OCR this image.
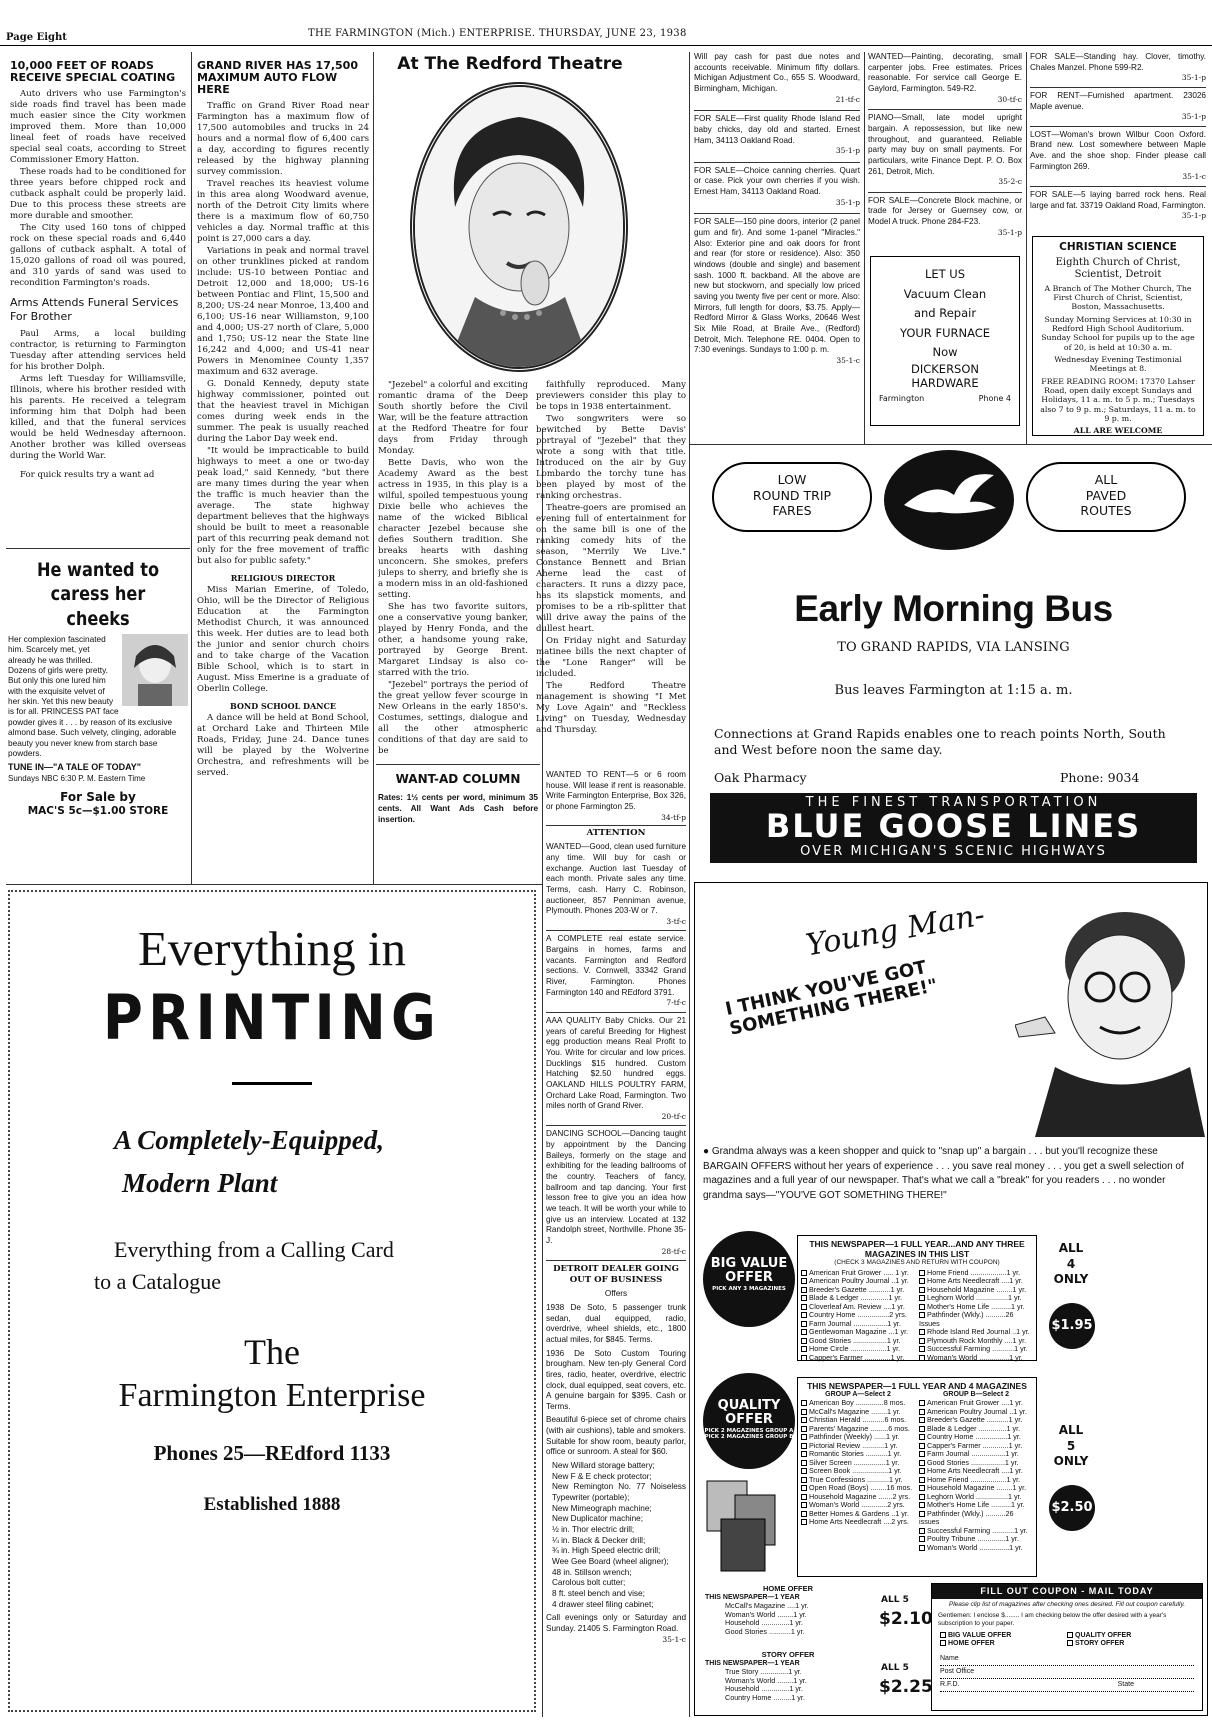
Page Eight	THE FARMINGTON (Mich.) ENTERPRISE. THURSDAY, JUNE 23, 1938
10,000 FEET OF ROADS RECEIVE SPECIAL COATING

Auto drivers who use Farmington's side roads find travel has been made much easier since the City workmen improved them. More than 10,000 lineal feet of roads have received special seal coats, according to Street Commissioner Emory Hatton.

These roads had to be conditioned for three years before chipped rock and cutback asphalt could be properly laid. Due to this process these streets are more durable and smoother.

The City used 160 tons of chipped rock on these special roads and 6,440 gallons of cutback asphalt. A total of 15,020 gallons of road oil was poured, and 310 yards of sand was used to recondition Farmington's roads.

Arms Attends Funeral Services For Brother

Paul Arms, a local building contractor, is returning to Farmington Tuesday after attending services held for his brother Dolph.

Arms left Tuesday for Williamsville, Illinois, where his brother resided with his parents. He received a telegram informing him that Dolph had been killed, and that the funeral services would be held Wednesday afternoon. Another brother was killed overseas during the World War.

For quick results try a want ad

He wanted to
caress her cheeks
Her complexion fascinated him. Scarcely met, yet already he was thrilled. Dozens of girls were pretty. But only this one lured him with the exquisite velvet of her skin. Yet this new beauty is for all. PRINCESS PAT face powder gives it . . . by reason of its exclusive almond base. Such velvety, clinging, adorable beauty you never knew from starch base powders.
TUNE IN—"A TALE OF TODAY"
Sundays NBC 6:30 P. M. Eastern Time
For Sale by
MAC'S 5c—$1.00 STORE
GRAND RIVER HAS 17,500 MAXIMUM AUTO FLOW HERE

Traffic on Grand River Road near Farmington has a maximum flow of 17,500 automobiles and trucks in 24 hours and a normal flow of 6,400 cars a day, according to figures recently released by the highway planning survey commission.

Travel reaches its heaviest volume in this area along Woodward avenue, north of the Detroit City limits where there is a maximum flow of 60,750 vehicles a day. Normal traffic at this point is 27,000 cars a day.

Variations in peak and normal travel on other trunklines picked at random include: US-10 between Pontiac and Detroit 12,000 and 18,000; US-16 between Pontiac and Flint, 15,500 and 8,200; US-24 near Monroe, 13,400 and 6,100; US-16 near Williamston, 9,100 and 4,000; US-27 north of Clare, 5,000 and 1,750; US-12 near the State line 16,242 and 4,000; and US-41 near Powers in Menominee County 1,357 maximum and 632 average.

G. Donald Kennedy, deputy state highway commissioner, pointed out that the heaviest travel in Michigan comes during week ends in the summer. The peak is usually reached during the Labor Day week end.

"It would be impracticable to build highways to meet a one or two-day peak load," said Kennedy, "but there are many times during the year when the traffic is much heavier than the average. The state highway department believes that the highways should be built to meet a reasonable part of this recurring peak demand not only for the free movement of traffic but also for public safety."

RELIGIOUS DIRECTOR

Miss Marian Emerine, of Toledo, Ohio, will be the Director of Religious Education at the Farmington Methodist Church, it was announced this week. Her duties are to lead both the junior and senior church choirs and to take charge of the Vacation Bible School, which is to start in August. Miss Emerine is a graduate of Oberlin College.

BOND SCHOOL DANCE

A dance will be held at Bond School, at Orchard Lake and Thirteen Mile Roads, Friday, June 24. Dance tunes will be played by the Wolverine Orchestra, and refreshments will be served.

At The Redford Theatre

"Jezebel" a colorful and exciting romantic drama of the Deep South shortly before the Civil War, will be the feature attraction at the Redford Theatre for four days from Friday through Monday.

Bette Davis, who won the Academy Award as the best actress in 1935, in this play is a wilful, spoiled tempestuous young Dixie belle who achieves the name of the wicked Biblical character Jezebel because she defies Southern tradition. She breaks hearts with dashing unconcern. She smokes, prefers juleps to sherry, and briefly she is a modern miss in an old-fashioned setting.

She has two favorite suitors, one a conservative young banker, played by Henry Fonda, and the other, a handsome young rake, portrayed by George Brent. Margaret Lindsay is also co-starred with the trio.

"Jezebel" portrays the period of the great yellow fever scourge in New Orleans in the early 1850's. Costumes, settings, dialogue and all the other atmospheric conditions of that day are said to be

faithfully reproduced. Many previewers consider this play to be tops in 1938 entertainment.

Two songwriters were so bewitched by Bette Davis' portrayal of "Jezebel" that they wrote a song with that title. Introduced on the air by Guy Lombardo the torchy tune has been played by most of the ranking orchestras.

Theatre-goers are promised an evening full of entertainment for on the same bill is one of the ranking comedy hits of the season, "Merrily We Live." Constance Bennett and Brian Aherne lead the cast of characters. It runs a dizzy pace, has its slapstick moments, and promises to be a rib-splitter that will drive away the pains of the dullest heart.

On Friday night and Saturday matinee bills the next chapter of the "Lone Ranger" will be included.

The Redford Theatre management is showing "I Met My Love Again" and "Reckless Living" on Tuesday, Wednesday and Thursday.

WANT-AD COLUMN
Rates: 1½ cents per word, minimum 35 cents. All Want Ads Cash before insertion.
WANTED TO RENT—5 or 6 room house. Will lease if rent is reasonable. Write Farmington Enterprise, Box 326, or phone Farmington 25.
34-tf-p
ATTENTION
WANTED—Good, clean used furniture any time. Will buy for cash or exchange. Auction last Tuesday of each month. Private sales any time. Terms, cash. Harry C. Robinson, auctioneer, 857 Penniman avenue, Plymouth. Phones 203-W or 7.
3-tf-c
A COMPLETE real estate service. Bargains in homes, farms and vacants. Farmington and Redford sections. V. Cornwell, 33342 Grand River, Farmington. Phones Farmington 140 and REdford 3791.
7-tf-c
AAA QUALITY Baby Chicks. Our 21 years of careful Breeding for Highest egg production means Real Profit to You. Write for circular and low prices. Ducklings $15 hundred. Custom Hatching $2.50 hundred eggs. OAKLAND HILLS POULTRY FARM, Orchard Lake Road, Farmington. Two miles north of Grand River.
20-tf-c
DANCING SCHOOL—Dancing taught by appointment by the Dancing Baileys, formerly on the stage and exhibiting for the leading ballrooms of the country. Teachers of fancy, ballroom and tap dancing. Your first lesson free to give you an idea how we teach. It will be worth your while to give us an interview. Located at 132 Randolph street, Northville. Phone 35-J.
28-tf-c
DETROIT DEALER GOING OUT OF BUSINESS
Offers
1938 De Soto, 5 passenger trunk sedan, dual equipped, radio, overdrive, wheel shields, etc., 1800 actual miles, for $845. Terms.
1936 De Soto Custom Touring brougham. New ten-ply General Cord tires, radio, heater, overdrive, electric clock, dual equipped, seat covers, etc. A genuine bargain for $395. Cash or Terms.
Beautiful 6-piece set of chrome chairs (with air cushions), table and smokers. Suitable for show room, beauty parlor, office or sunroom. A steal for $60.
New Willard storage battery;
New F & E check protector;
New Remington No. 77 Noiseless Typewriter (portable);
New Mimeograph machine;
New Duplicator machine;
½ in. Thor electric drill;
¼ in. Black & Decker drill;
¾ in. High Speed electric drill;
Wee Gee Board (wheel aligner);
48 in. Stillson wrench;
Carolous bolt cutter;
8 ft. steel bench and vise;
4 drawer steel filing cabinet;
Call evenings only or Saturday and Sunday. 21405 S. Farmington Road.
35-1-c
Will pay cash for past due notes and accounts receivable. Minimum fifty dollars. Michigan Adjustment Co., 655 S. Woodward, Birmingham, Michigan.
21-tf-c
FOR SALE—First quality Rhode Island Red baby chicks, day old and started. Ernest Ham, 34113 Oakland Road.
35-1-p
FOR SALE—Choice canning cherries. Quart or case. Pick your own cherries if you wish. Ernest Ham, 34113 Oakland Road.
35-1-p
FOR SALE—150 pine doors, interior (2 panel gum and fir). And some 1-panel "Miracles." Also: Exterior pine and oak doors for front and rear (for store or residence). Also: 350 windows (double and single) and basement sash. 1000 ft. backband. All the above are new but stockworn, and specially low priced saving you twenty five per cent or more. Also: Mirrors, full length for doors, $3.75. Apply—Redford Mirror & Glass Works, 20646 West Six Mile Road, at Braile Ave., (Redford) Detroit, Mich. Telephone RE. 0404. Open to 7:30 evenings. Sundays to 1:00 p. m.
35-1-c
WANTED—Painting, decorating, small carpenter jobs. Free estimates. Prices reasonable. For service call George E. Gaylord, Farmington. 549-R2.
30-tf-c
PIANO—Small, late model upright bargain. A repossession, but like new throughout, and guaranteed. Reliable party may buy on small payments. For particulars, write Finance Dept. P. O. Box 261, Detroit, Mich.
35-2-c
FOR SALE—Concrete Block machine, or trade for Jersey or Guernsey cow, or Model A truck. Phone 284-F23.
35-1-p
LET US
Vacuum Clean
and Repair
YOUR FURNACE
Now
DICKERSON
HARDWARE
Farmington	Phone 4
FOR SALE—Standing hay. Clover, timothy. Chales Manzel. Phone 599-R2.
35-1-p
FOR RENT—Furnished apartment. 23026 Maple avenue.
35-1-p
LOST—Woman's brown Wilbur Coon Oxford. Brand new. Lost somewhere between Maple Ave. and the shoe shop. Finder please call Farmington 269.
35-1-c
FOR SALE—5 laying barred rock hens. Real large and fat. 33719 Oakland Road, Farmington.
35-1-p
CHRISTIAN SCIENCE
Eighth Church of Christ, Scientist, Detroit
A Branch of The Mother Church, The First Church of Christ, Scientist, Boston, Massachusetts.
Sunday Morning Services at 10:30 in Redford High School Auditorium. Sunday School for pupils up to the age of 20, is held at 10:30 a. m.
Wednesday Evening Testimonial Meetings at 8.
FREE READING ROOM: 17370 Lahser Road, open daily except Sundays and Holidays, 11 a. m. to 5 p. m.; Tuesdays also 7 to 9 p. m.; Saturdays, 11 a. m. to 9 p. m.
ALL ARE WELCOME
LOW
ROUND TRIP
FARES
ALL
PAVED
ROUTES
Early Morning Bus
TO GRAND RAPIDS, VIA LANSING
Bus leaves Farmington at 1:15 a. m.
Connections at Grand Rapids enables one to reach points North, South and West before noon the same day.
Oak Pharmacy	Phone: 9034
THE FINEST TRANSPORTATION
BLUE GOOSE LINES
OVER MICHIGAN'S SCENIC HIGHWAYS
Everything in
PRINTING
A Completely-Equipped,
Modern Plant
Everything from a Calling Card
to a Catalogue
The
Farmington Enterprise
Phones 25—REdford 1133
Established 1888
Young Man-
I THINK YOU'VE GOT SOMETHING THERE!"
● Grandma always was a keen shopper and quick to "snap up" a bargain . . . but you'll recognize these BARGAIN OFFERS without her years of experience . . . you save real money . . . you get a swell selection of magazines and a full year of our newspaper. That's what we call a "break" for you readers . . . no wonder grandma says—"YOU'VE GOT SOMETHING THERE!"
BIG VALUE OFFER
PICK ANY 3 MAGAZINES
THIS NEWSPAPER—1 FULL YEAR...AND ANY THREE MAGAZINES IN THIS LIST
(CHECK 3 MAGAZINES AND RETURN WITH COUPON)
American Fruit Grower ..... 1 yr.
American Poultry Journal ..1 yr.
Breeder's Gazette ...........1 yr.
Blade & Ledger ..............1 yr.
Cloverleaf Am. Review ....1 yr.
Country Home ................2 yrs.
Farm Journal .................1 yr.
Gentlewoman Magazine ...1 yr.
Good Stories .................1 yr.
Home Circle ..................1 yr.
Capper's Farmer .............1 yr.
Home Friend ..................1 yr.
Home Arts Needlecraft ....1 yr.
Household Magazine ........1 yr.
Leghorn World ................1 yr.
Mother's Home Life ..........1 yr.
Pathfinder (Wkly.) ..........26 Issues
Rhode Island Red Journal ..1 yr.
Plymouth Rock Monthly ....1 yr.
Successful Farming ...........1 yr.
Woman's World ...............1 yr.
ALL
4
ONLY
$1.95
QUALITY OFFER
PICK 2 MAGAZINES GROUP A PICK 2 MAGAZINES GROUP B
THIS NEWSPAPER—1 FULL YEAR AND 4 MAGAZINES
GROUP A—Select 2	GROUP B—Select 2
American Boy ..............8 mos.
McCall's Magazine ........1 yr.
Christian Herald ...........6 mos.
Parents' Magazine .........6 mos.
Pathfinder (Weekly) ......1 yr.
Pictorial Review ...........1 yr.
Romantic Stories ...........1 yr.
Silver Screen ................1 yr.
Screen Book ..................1 yr.
True Confessions ...........1 yr.
Open Road (Boys) ........16 mos.
Household Magazine .......2 yrs.
Woman's World .............2 yrs.
Better Homes & Gardens ..1 yr.
Home Arts Needlecraft ....2 yrs.
American Fruit Grower ....1 yr.
American Poultry Journal ..1 yr.
Breeder's Gazette ...........1 yr.
Blade & Ledger ..............1 yr.
Country Home ................1 yr.
Capper's Farmer .............1 yr.
Farm Journal .................1 yr.
Good Stories .................1 yr.
Home Arts Needlecraft ....1 yr.
Home Friend ..................1 yr.
Household Magazine ........1 yr.
Leghorn World ................1 yr.
Mother's Home Life ..........1 yr.
Pathfinder (Wkly.) ..........26 issues
Successful Farming ...........1 yr.
Poultry Tribune ..............1 yr.
Woman's World ...............1 yr.
ALL
5
ONLY
$2.50
HOME OFFER
THIS NEWSPAPER—1 YEAR
McCall's Magazine ....1 yr.
Woman's World ........1 yr.
Household ..............1 yr.
Good Stories ...........1 yr.
ALL 5
$2.10
STORY OFFER
THIS NEWSPAPER—1 YEAR
True Story ..............1 yr.
Woman's World ........1 yr.
Household ..............1 yr.
Country Home .........1 yr.
ALL 5
$2.25
FILL OUT COUPON - MAIL TODAY
Please clip list of magazines after checking ones desired. Fill out coupon carefully.
Gentlemen: I enclose $........ I am checking below the offer desired with a year's subscription to your paper.
BIG VALUE OFFER	QUALITY OFFER
HOME OFFER	STORY OFFER
Name
Post Office
R.F.D.	State
